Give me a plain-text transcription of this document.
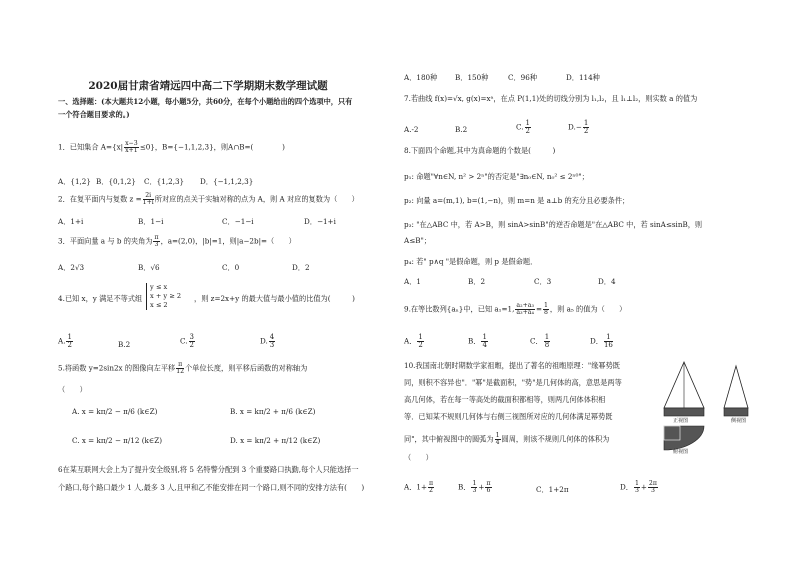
2020届甘肃省靖远四中高二下学期期末数学理试题
一、选择题：(本大题共12小题，每小题5分，共60分，在每个小题给出的四个选项中，只有
一个符合题目要求的。)
1．已知集合 $A=\{x| \frac{x-3}{x+1} \le 0\}$，B={−1,1,2,3}，则A∩B=(　　　　)
A．{1,2} B．{0,1,2} C．{1,2,3} D．{−1,1,2,3}
2．在复平面内与复数 $z = \frac{2i}{1+i}$ 所对应的点关于实轴对称的点为 A，则 A 对应的复数为（　　）
A．1+i	B．1−i	C．−1−i	D．−1+i
3．平面向量 a 与 b 的夹角为 $\frac{\pi}{3}$ ，a=(2,0)，|b|=1，则|a−2b|=（　　）
A．2√3	B．√6	C．0	D．2
4.已知 x，y 满足不等式组
y ≤ x
x + y ≥ 2
x ≤ 2
，则 z=2x+y 的最大值与最小值的比值为(　　　)
A. $\frac{1}{2}$	B.2	C. $\frac{3}{2}$	D. $\frac{4}{3}$
5.将函数 y=2sin2x 的图像向左平移 $\frac{\pi}{12}$ 个单位长度，则平移后函数的对称轴为
（　　）
A. x = kπ/2 − π/6 (k∈Z)	B. x = kπ/2 + π/6 (k∈Z)
C. x = kπ/2 − π/12 (k∈Z)	D. x = kπ/2 + π/12 (k∈Z)
6在某互联网大会上为了提升安全级别,将 5 名特警分配到 3 个重要路口执勤,每个人只能选择一
个路口,每个路口最少 1 人,最多 3 人,且甲和乙不能安排在同一个路口,则不同的安排方法有(　　)
A．180种 B．150种	C．96种	D．114种
7.若曲线 f(x)=√x, g(x)=xᵃ，在点 P(1,1)处的切线分别为 l₁,l₂，且 l₁⊥l₂，则实数 a 的值为
A.-2	B.2	C. $\frac{1}{2}$	$D.- \frac{1}{2}$
8.下面四个命题,其中为真命题的个数是(　　　)
p₁: 命题"∀n∈N, n² > 2ⁿ"的否定是"∃n₀∈N, n₀² ≤ 2ⁿ⁰"；
p₂: 向量 a=(m,1), b=(1,−n)，则 m=n 是 a⊥b 的充分且必要条件；
p₃: "在△ABC 中，若 A>B，则 sinA>sinB"的逆否命题是"在△ABC 中，若 sinA≤sinB，则
A≤B"；
p₄: 若" p∧q "是假命题，则 p 是假命题．
A．1	B．2	C．3	D．4
9.在等比数列{aₙ}中，已知 a₁=1, $\frac{\text{a₂+a₃}}{\text{a₃+a₄}} = \frac{1}{8}$ ，则 a₅ 的值为（　　）
A． $\frac{1}{2}$	B． $\frac{1}{4}$	C． $\frac{1}{8}$	D． $\frac{1}{16}$
10.我国南北朝时期数学家祖暅，提出了著名的祖暅原理："缘幂势既
同，则积不容异也"．"幂"是截面积，"势"是几何体的高，意思是两等
高几何体，若在每一等高处的截面积都相等，则两几何体体积相
等．已知某不规则几何体与右侧三视图所对应的几何体满足幂势既
同"，其中俯视图中的圆弧为 $\frac{1}{4}$ 圆周，则该不规则几何体的体积为
（　　）
A．$1+ \frac{\pi}{2}$	B． $\frac{1}{3} + \frac{\pi}{6}$	C．1+2π	D． $\frac{1}{3} + \frac{2\pi}{3}$
正视图	侧视图
俯视图
